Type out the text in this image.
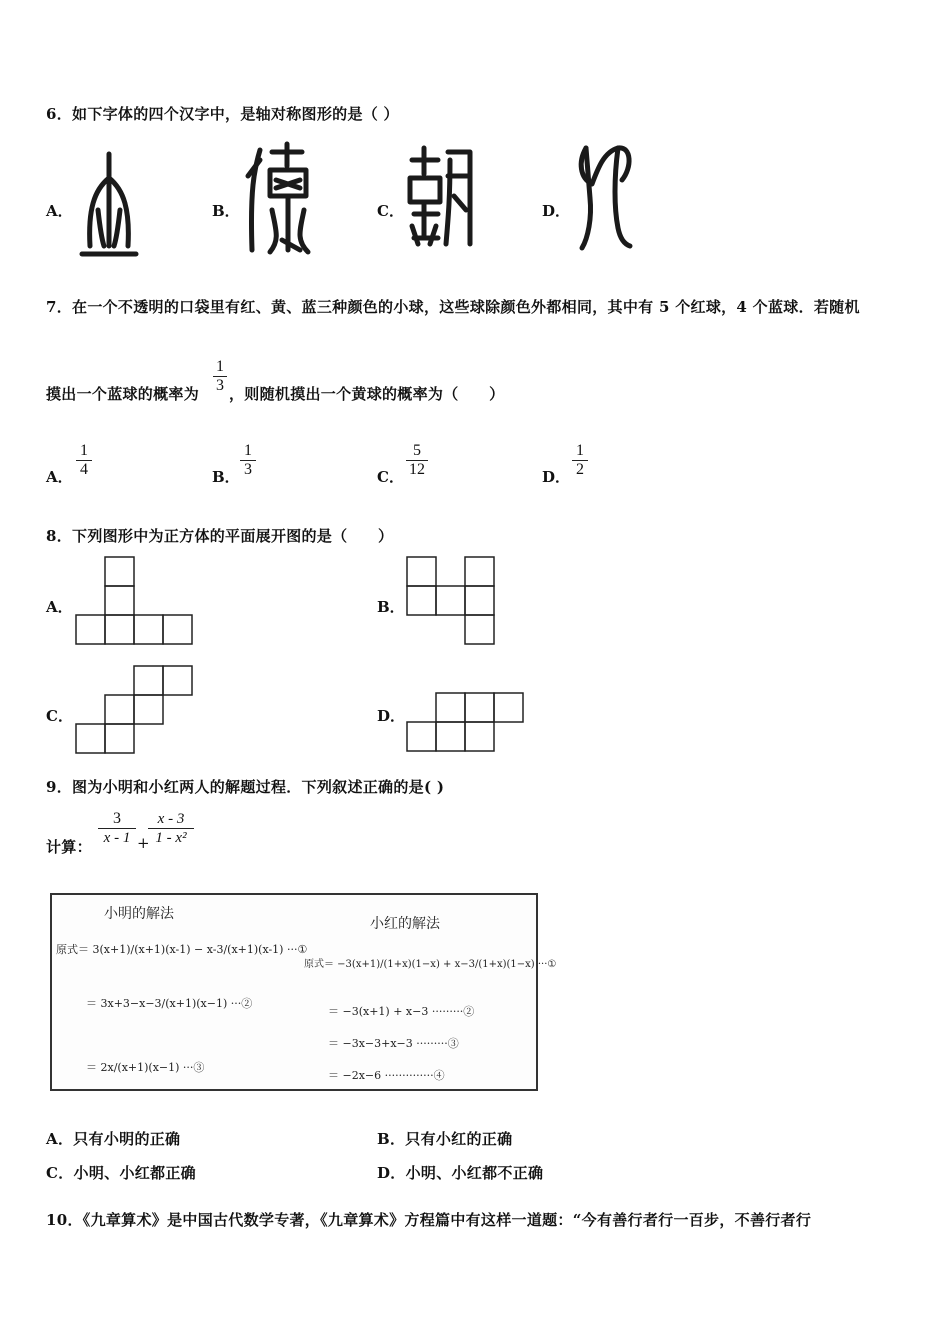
6．如下字体的四个汉字中，是轴对称图形的是（ ）
A．	B．	C．	D．
7．在一个不透明的口袋里有红、黄、蓝三种颜色的小球，这些球除颜色外都相同，其中有 5 个红球，4 个蓝球．若随机
摸出一个蓝球的概率为
1
3 ，则随机摸出一个黄球的概率为（　　）
A．
1
4	B．
1
3	C．
5
12	D．
1
2
8．下列图形中为正方体的平面展开图的是（　　）
A．	B．
C．	D．
9．图为小明和小红两人的解题过程．下列叙述正确的是( )
计算：
3
x - 1 +
x - 3
1 - x²
小明的解法
原式＝ 3(x+1)/(x+1)(x-1) − x-3/(x+1)(x-1) ···①
＝ 3x+3−x−3/(x+1)(x−1) ···②
＝ 2x/(x+1)(x−1) ···③
小红的解法
原式＝ −3(x+1)/(1+x)(1−x) + x−3/(1+x)(1−x) ···①
＝ −3(x+1) + x−3 ·········②
＝ −3x−3+x−3 ·········③
＝ −2x−6 ··············④
A．只有小明的正确	B．只有小红的正确
C．小明、小红都正确	D．小明、小红都不正确
10．《九章算术》是中国古代数学专著，《九章算术》方程篇中有这样一道题：“今有善行者行一百步，不善行者行
